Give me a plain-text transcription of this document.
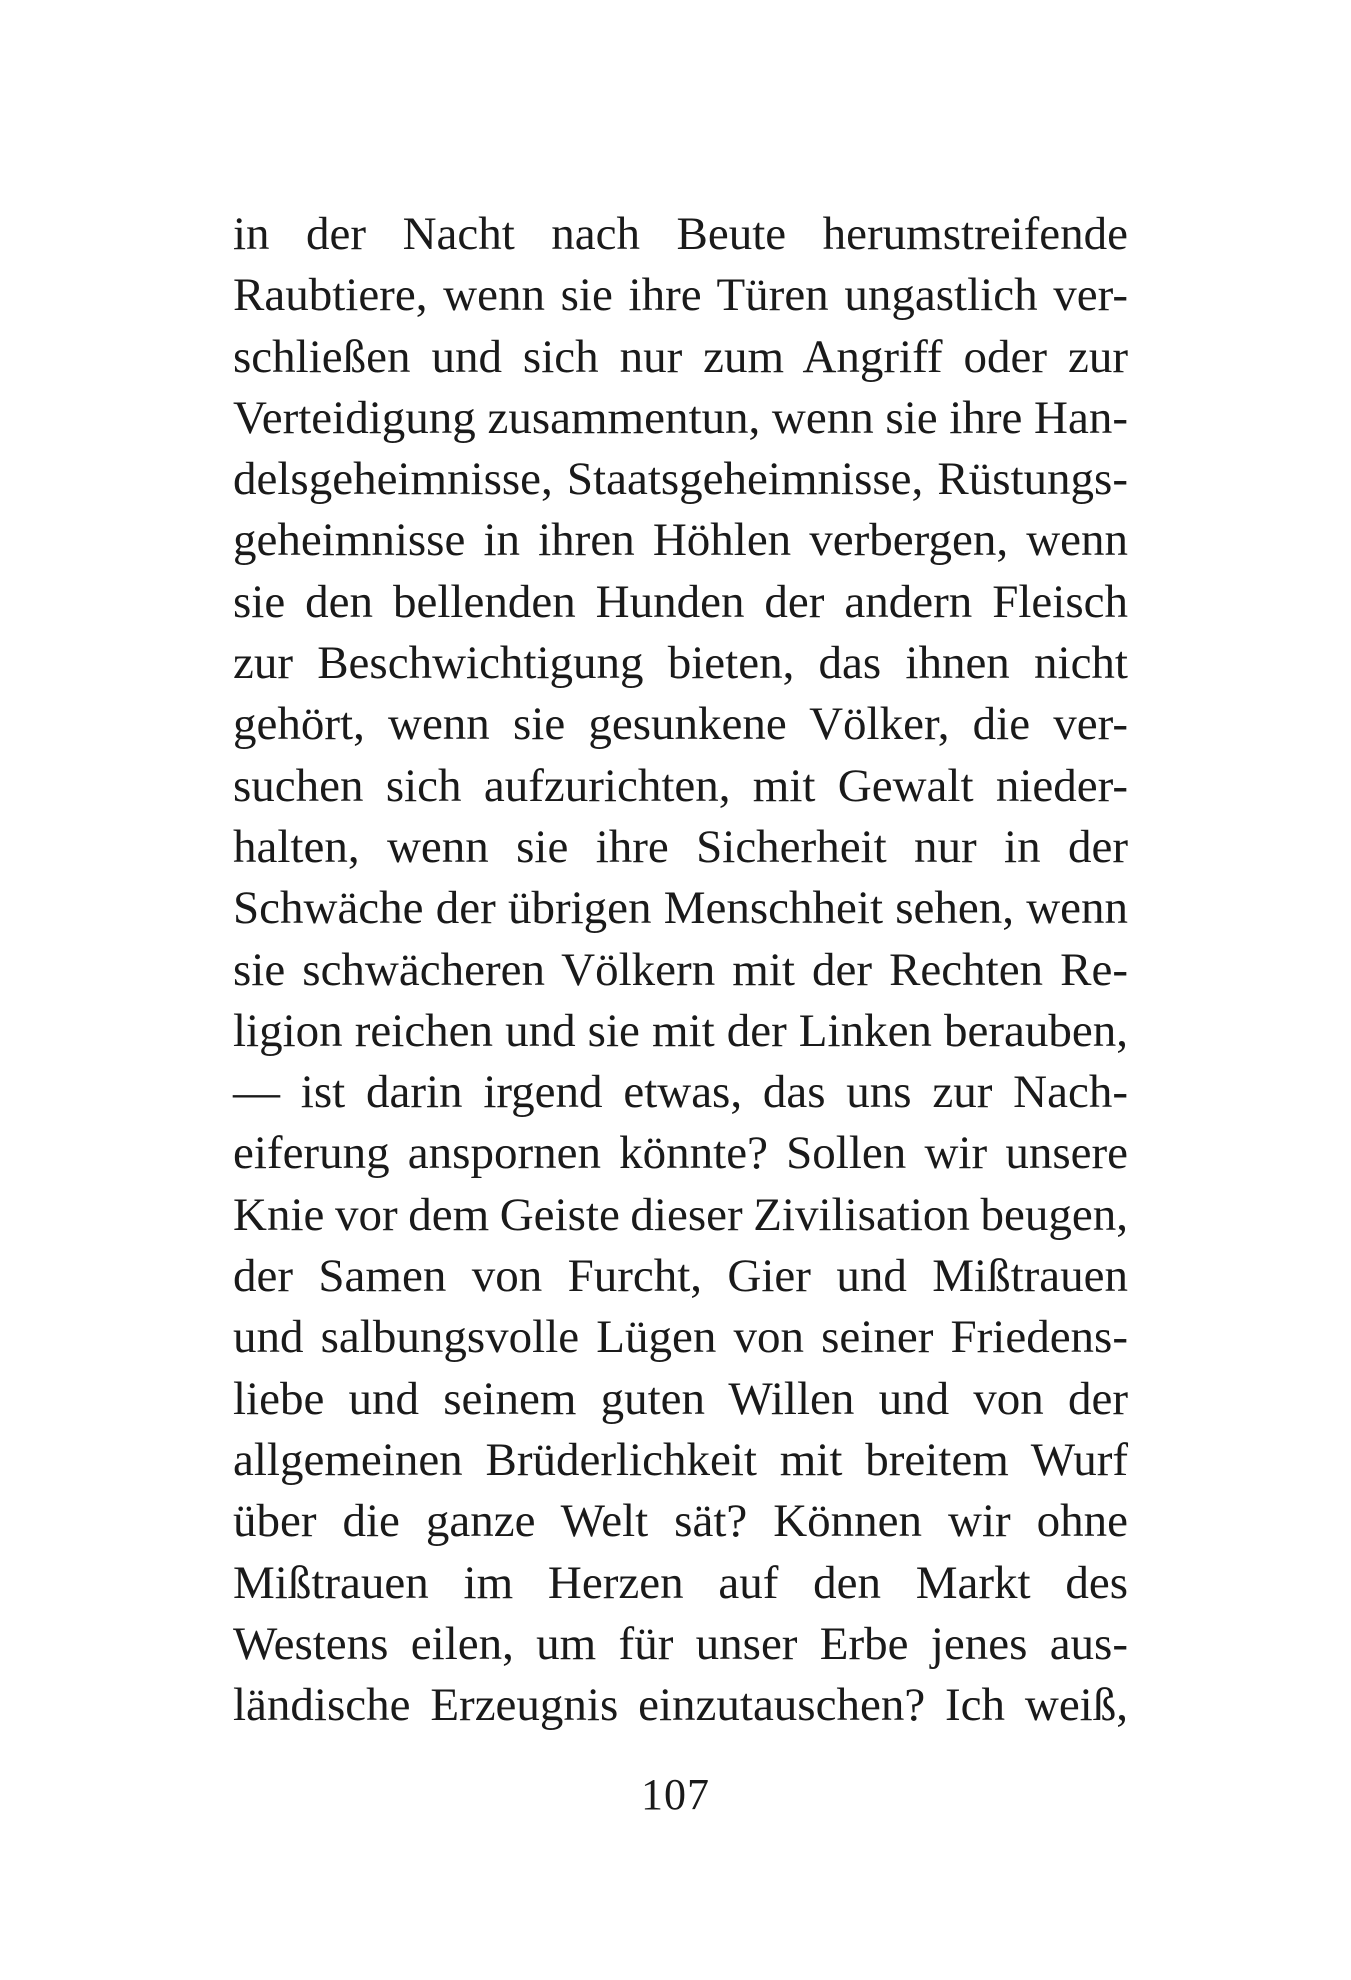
in der Nacht nach Beute herumstreifende
Raubtiere, wenn sie ihre Türen ungastlich ver-
schließen und sich nur zum Angriff oder zur
Verteidigung zusammentun, wenn sie ihre Han-
delsgeheimnisse, Staatsgeheimnisse, Rüstungs-
geheimnisse in ihren Höhlen verbergen, wenn
sie den bellenden Hunden der andern Fleisch
zur Beschwichtigung bieten, das ihnen nicht
gehört, wenn sie gesunkene Völker, die ver-
suchen sich aufzurichten, mit Gewalt nieder-
halten, wenn sie ihre Sicherheit nur in der
Schwäche der übrigen Menschheit sehen, wenn
sie schwächeren Völkern mit der Rechten Re-
ligion reichen und sie mit der Linken berauben,
— ist darin irgend etwas, das uns zur Nach-
eiferung anspornen könnte? Sollen wir unsere
Knie vor dem Geiste dieser Zivilisation beugen,
der Samen von Furcht, Gier und Mißtrauen
und salbungsvolle Lügen von seiner Friedens-
liebe und seinem guten Willen und von der
allgemeinen Brüderlichkeit mit breitem Wurf
über die ganze Welt sät? Können wir ohne
Mißtrauen im Herzen auf den Markt des
Westens eilen, um für unser Erbe jenes aus-
ländische Erzeugnis einzutauschen? Ich weiß,
107
